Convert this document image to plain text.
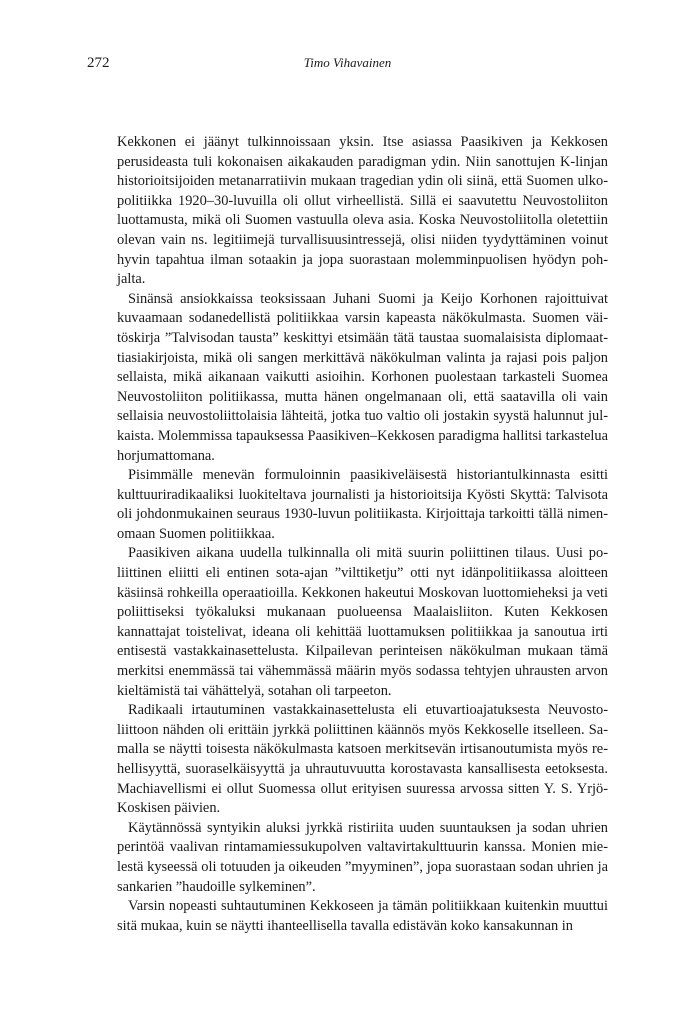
272	Timo Vihavainen

Kekkonen ei jäänyt tulkinnoissaan yksin. Itse asiassa Paasikiven ja Kekkosen perusideasta tuli kokonaisen aikakauden paradigman ydin. Niin sanottujen K-linjan historioitsijoiden metanarratiivin mukaan tragedian ydin oli siinä, että Suomen ulkopolitiikka 1920–30-luvuilla oli ollut virheellistä. Sillä ei saavutettu Neuvostoliiton luottamusta, mikä oli Suomen vastuulla oleva asia. Koska Neuvostoliitolla oletettiin olevan vain ns. legitiimejä turvallisuusintressejä, olisi niiden tyydyttäminen voinut hyvin tapahtua ilman sotaakin ja jopa suorastaan molemminpuolisen hyödyn pohjalta.

Sinänsä ansiokkaissa teoksissaan Juhani Suomi ja Keijo Korhonen rajoittuivat kuvaamaan sodanedellistä politiikkaa varsin kapeasta näkökulmasta. Suomen väitöskirja ”Talvisodan tausta” keskittyi etsimään tätä taustaa suomalaisista diplomaattiasiakirjoista, mikä oli sangen merkittävä näkökulman valinta ja rajasi pois paljon sellaista, mikä aikanaan vaikutti asioihin. Korhonen puolestaan tarkasteli Suomea Neuvostoliiton politiikassa, mutta hänen ongelmanaan oli, että saatavilla oli vain sellaisia neuvostoliittolaisia lähteitä, jotka tuo valtio oli jostakin syystä halunnut julkaista. Molemmissa tapauksessa Paasikiven–Kekkosen paradigma hallitsi tarkastelua horjumattomana.

Pisimmälle menevän formuloinnin paasikiveläisestä historiantulkinnasta esitti kulttuuriradikaaliksi luokiteltava journalisti ja historioitsija Kyösti Skyttä: Talvisota oli johdonmukainen seuraus 1930-luvun politiikasta. Kirjoittaja tarkoitti tällä nimenomaan Suomen politiikkaa.

Paasikiven aikana uudella tulkinnalla oli mitä suurin poliittinen tilaus. Uusi poliittinen eliitti eli entinen sota-ajan ”vilttiketju” otti nyt idänpolitiikassa aloitteen käsiinsä rohkeilla operaatioilla. Kekkonen hakeutui Moskovan luottomieheksi ja veti poliittiseksi työkaluksi mukanaan puolueensa Maalaisliiton. Kuten Kekkosen kannattajat toistelivat, ideana oli kehittää luottamuksen politiikkaa ja sanoutua irti entisestä vastakkainasettelusta. Kilpailevan perinteisen näkökulman mukaan tämä merkitsi enemmässä tai vähemmässä määrin myös sodassa tehtyjen uhrausten arvon kieltämistä tai vähättelyä, sotahan oli tarpeeton.

Radikaali irtautuminen vastakkainasettelusta eli etuvartioajatuksesta Neuvostoliittoon nähden oli erittäin jyrkkä poliittinen käännös myös Kekkoselle itselleen. Samalla se näytti toisesta näkökulmasta katsoen merkitsevän irtisanoutumista myös rehellisyyttä, suoraselkäisyyttä ja uhrautuvuutta korostavasta kansallisesta eetoksesta. Machiavellismi ei ollut Suomessa ollut erityisen suuressa arvossa sitten Y. S. Yrjö-Koskisen päivien.

Käytännössä syntyikin aluksi jyrkkä ristiriita uuden suuntauksen ja sodan uhrien perintöä vaalivan rintamamiessukupolven valtavirtakulttuurin kanssa. Monien mielestä kyseessä oli totuuden ja oikeuden ”myyminen”, jopa suorastaan sodan uhrien ja sankarien ”haudoille sylkeminen”.

Varsin nopeasti suhtautuminen Kekkoseen ja tämän politiikkaan kuitenkin muuttui sitä mukaa, kuin se näytti ihanteellisella tavalla edistävän koko kansakunnan in
